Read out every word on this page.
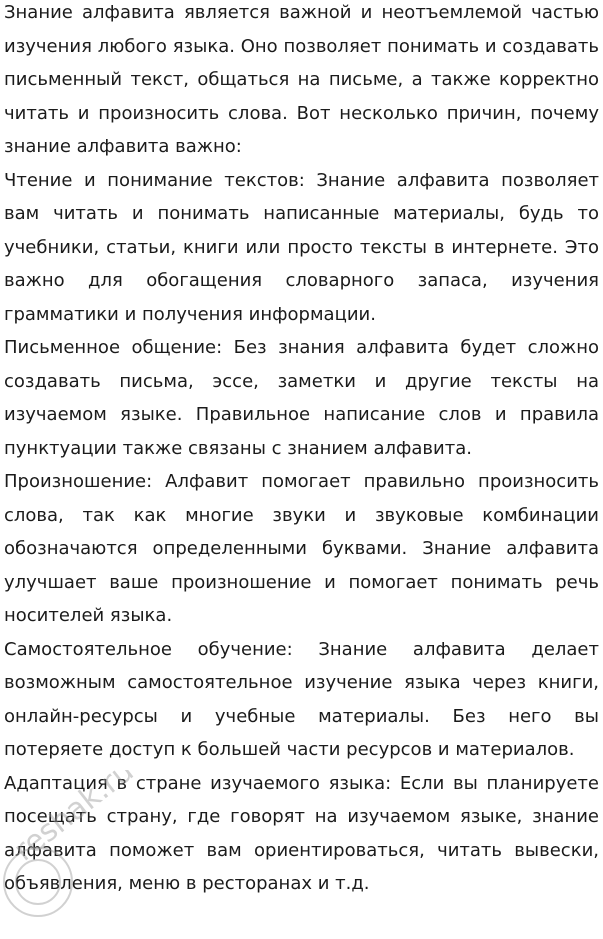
Знание алфавита является важной и неотъемлемой частью изучения любого языка. Оно позволяет понимать и создавать письменный текст, общаться на письме, а также корректно читать и произносить слова. Вот несколько причин, почему знание алфавита важно:

Чтение и понимание текстов: Знание алфавита позволяет вам читать и понимать написанные материалы, будь то учебники, статьи, книги или просто тексты в интернете. Это важно для обогащения словарного запаса, изучения грамматики и получения информации.

Письменное общение: Без знания алфавита будет сложно создавать письма, эссе, заметки и другие тексты на изучаемом языке. Правильное написание слов и правила пунктуации также связаны с знанием алфавита.

Произношение: Алфавит помогает правильно произносить слова, так как многие звуки и звуковые комбинации обозначаются определенными буквами. Знание алфавита улучшает ваше произношение и помогает понимать речь носителей языка.

Самостоятельное обучение: Знание алфавита делает возможным самостоятельное изучение языка через книги, онлайн-ресурсы и учебные материалы. Без него вы потеряете доступ к большей части ресурсов и материалов.

Адаптация в стране изучаемого языка: Если вы планируете посещать страну, где говорят на изучаемом языке, знание алфавита поможет вам ориентироваться, читать вывески, объявления, меню в ресторанах и т.д.

reshak.ru
